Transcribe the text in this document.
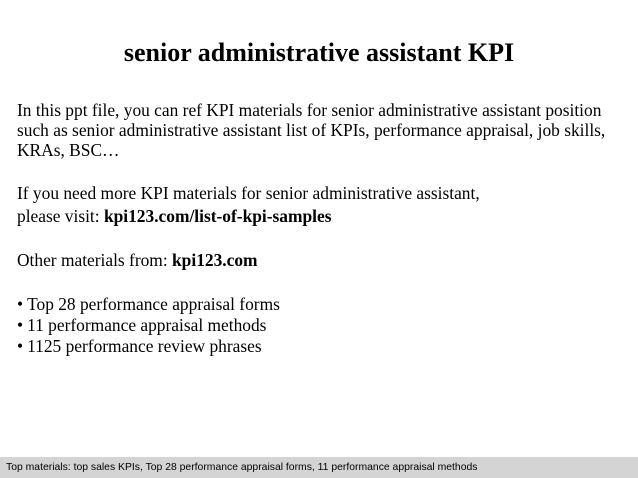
senior administrative assistant KPI

In this ppt file, you can ref KPI materials for senior administrative assistant position such as senior administrative assistant list of KPIs, performance appraisal, job skills, KRAs, BSC…

If you need more KPI materials for senior administrative assistant,

please visit: kpi123.com/list-of-kpi-samples

Other materials from: kpi123.com

• Top 28 performance appraisal forms
• 11 performance appraisal methods
• 1125 performance review phrases
Top materials: top sales KPIs, Top 28 performance appraisal forms, 11 performance appraisal methods
